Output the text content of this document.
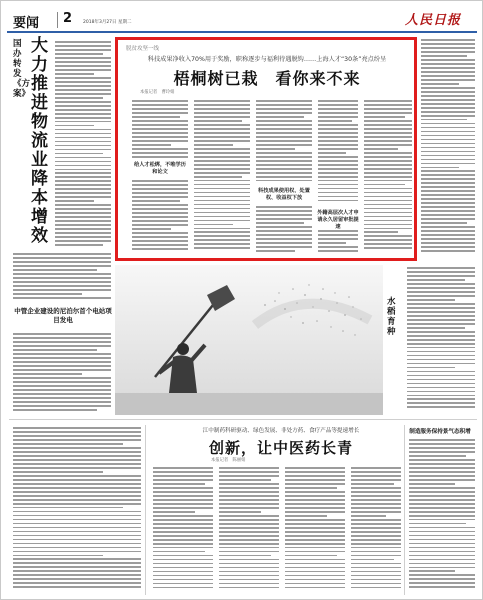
要闻 2 2018年3月27日 星期二	人民日报
国办转发《方案》
大力推进物流业降本增效
脱贫攻坚一线
科技成果净收入70%用于奖励，职称逐步与福利待遇脱钩……上海人才“30条”亮点纷呈
梧桐树已栽　看你来不来
本报记者　曹玲娟
给人才松绑，不唯学历和论文
科技成果使用权、处置权、收益权下放
外籍高层次人才申请永久居留审批提速
水稻育种
中管企业建设的尼泊尔首个电站项目发电
江中制药科研驱动、绿色发展、非处方药、食疗产品等提速增长
创新，让中医药长青
本报记者　陈丽娟
制造服务保持景气态积增
